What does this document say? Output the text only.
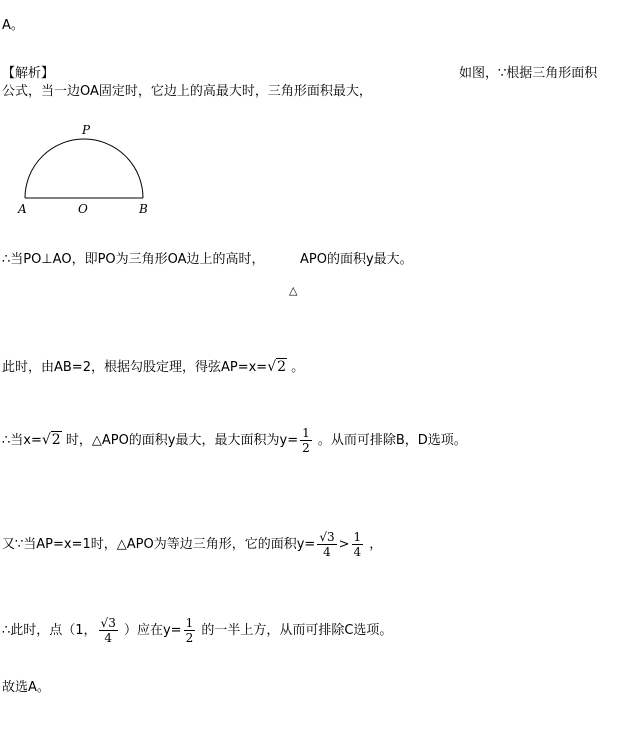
A。
【解析】	如图，∵根据三角形面积
公式，当一边OA固定时，它边上的高最大时，三角形面积最大，
P
A	O	B
∴当PO⊥AO，即PO为三角形OA边上的高时，	APO的面积y最大。
△
此时，由AB=2，根据勾股定理，得弦AP=x=√2 。
∴当x=√2 时，△APO的面积y最大，最大面积为$y= \frac{1}{2}$ 。从而可排除B，D选项。
又∵当AP=x=1时，△APO为等边三角形，它的面积$y= \frac{√3}{4} > \frac{1}{4}$ ，
∴此时，点（1， $\frac{√3}{4}$ ）应在$y= \frac{1}{2}$ 的一半上方，从而可排除C选项。
故选A。
